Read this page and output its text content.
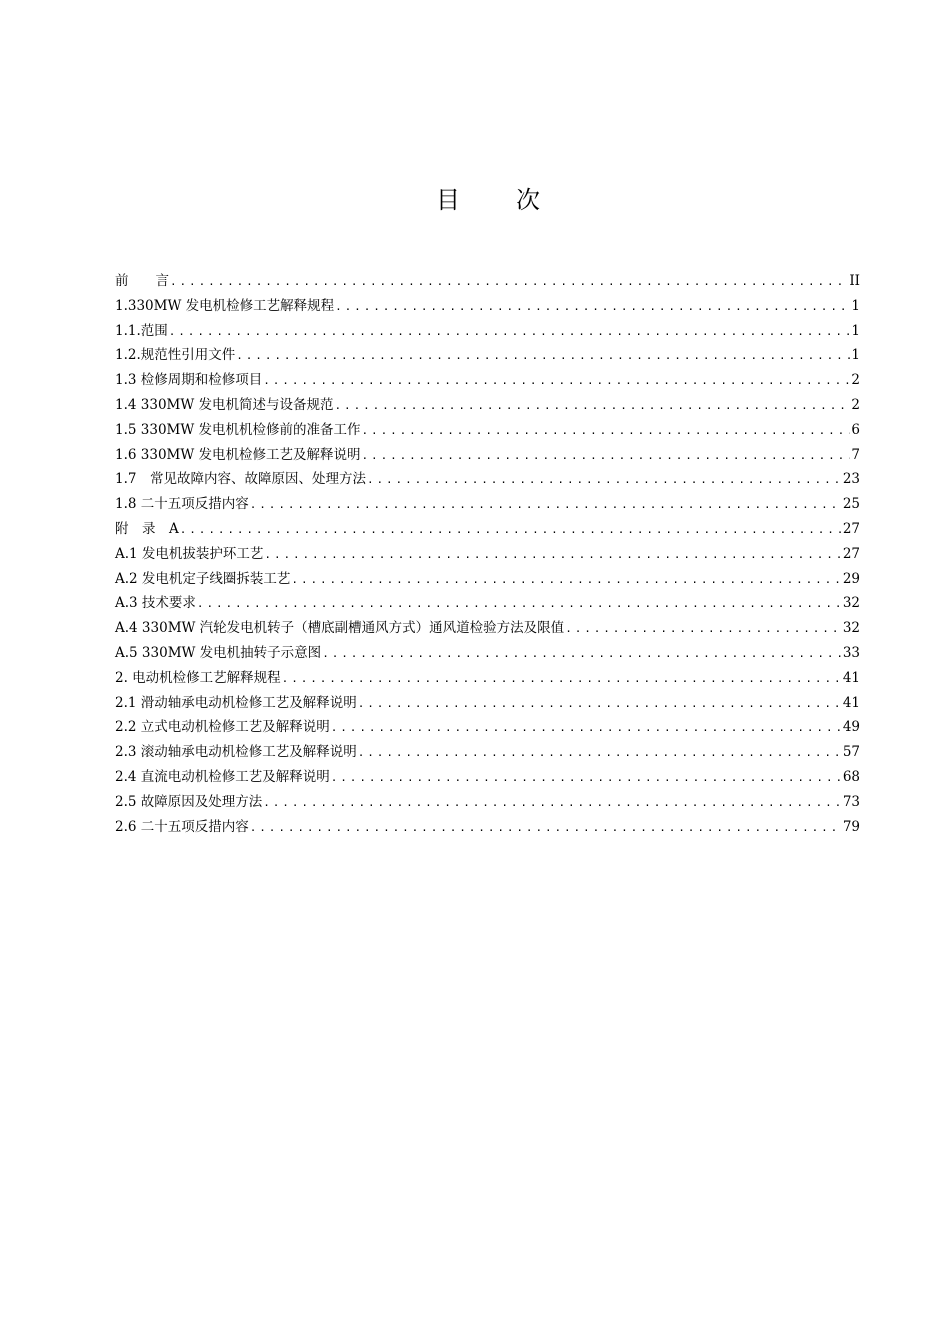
目 次
前　　言 .....	II
1.330MW 发电机检修工艺解释规程 .....	1
1.1.范围 .....	1
1.2.规范性引用文件 .....	1
1.3 检修周期和检修项目 .....	2
1.4 330MW 发电机简述与设备规范 .....	2
1.5 330MW 发电机机检修前的准备工作 .....	6
1.6 330MW 发电机检修工艺及解释说明 .....	7
1.7　常见故障内容、故障原因、处理方法 .....	23
1.8 二十五项反措内容 .....	25
附　录　A .....	27
A.1 发电机拔装护环工艺 .....	27
A.2 发电机定子线圈拆装工艺 .....	29
A.3 技术要求 .....	32
A.4 330MW 汽轮发电机转子（槽底副槽通风方式）通风道检验方法及限值 .....	32
A.5 330MW 发电机抽转子示意图 .....	33
2. 电动机检修工艺解释规程 .....	41
2.1 滑动轴承电动机检修工艺及解释说明 .....	41
2.2 立式电动机检修工艺及解释说明 .....	49
2.3 滚动轴承电动机检修工艺及解释说明 .....	57
2.4 直流电动机检修工艺及解释说明 .....	68
2.5 故障原因及处理方法 .....	73
2.6 二十五项反措内容 .....	79
